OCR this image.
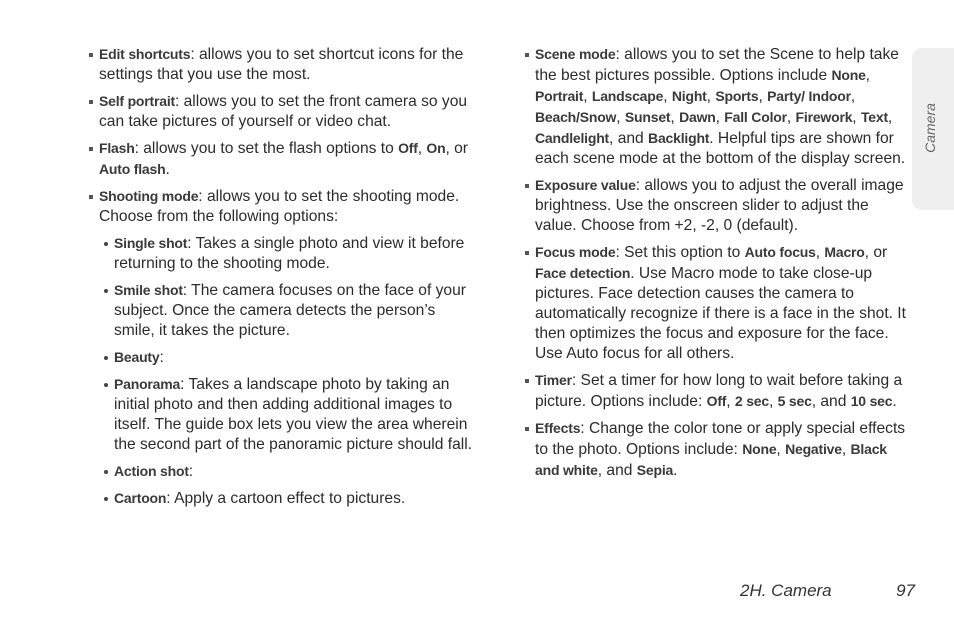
Camera
Edit shortcuts: allows you to set shortcut icons for the settings that you use the most.
Self portrait: allows you to set the front camera so you can take pictures of yourself or video chat.
Flash: allows you to set the flash options to Off, On, or Auto flash.
Shooting mode: allows you to set the shooting mode. Choose from the following options:
Single shot: Takes a single photo and view it before returning to the shooting mode.
Smile shot: The camera focuses on the face of your subject. Once the camera detects the person’s smile, it takes the picture.
Beauty:
Panorama: Takes a landscape photo by taking an initial photo and then adding additional images to itself. The guide box lets you view the area wherein the second part of the panoramic picture should fall.
Action shot:
Cartoon: Apply a cartoon effect to pictures.
Scene mode: allows you to set the Scene to help take the best pictures possible. Options include None, Portrait, Landscape, Night, Sports, Party/ Indoor, Beach/Snow, Sunset, Dawn, Fall Color, Firework, Text, Candlelight, and Backlight. Helpful tips are shown for each scene mode at the bottom of the display screen.
Exposure value: allows you to adjust the overall image brightness. Use the onscreen slider to adjust the value. Choose from +2, -2, 0 (default).
Focus mode: Set this option to Auto focus, Macro, or Face detection. Use Macro mode to take close-up pictures. Face detection causes the camera to automatically recognize if there is a face in the shot. It then optimizes the focus and exposure for the face. Use Auto focus for all others.
Timer: Set a timer for how long to wait before taking a picture. Options include: Off, 2 sec, 5 sec, and 10 sec.
Effects: Change the color tone or apply special effects to the photo. Options include: None, Negative, Black and white, and Sepia.
2H. Camera	97
